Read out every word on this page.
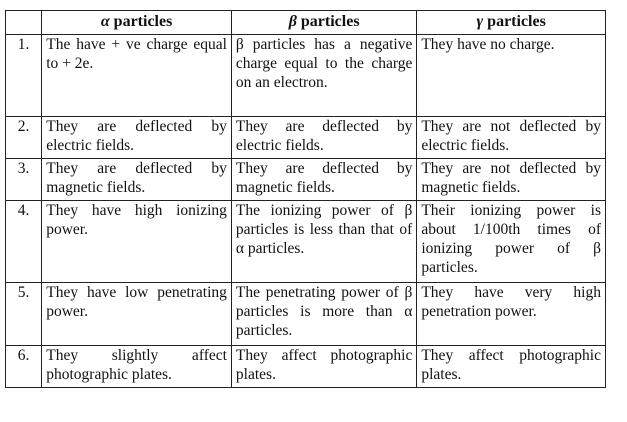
	α particles	β particles	γ particles
1.	The have + ve charge equal to + 2e.	β particles has a negative charge equal to the charge on an electron.	They have no charge.
2.	They are deflected by electric fields.	They are deflected by electric fields.	They are not deflected by electric fields.
3.	They are deflected by magnetic fields.	They are deflected by magnetic fields.	They are not deflected by magnetic fields.
4.	They have high ionizing power.	The ionizing power of β particles is less than that of α particles.	Their ionizing power is about 1/100th times of ionizing power of β particles.
5.	They have low penetrating power.	The penetrating power of β particles is more than α particles.	They have very high penetration power.
6.	They slightly affect photographic plates.	They affect photographic plates.	They affect photographic plates.
